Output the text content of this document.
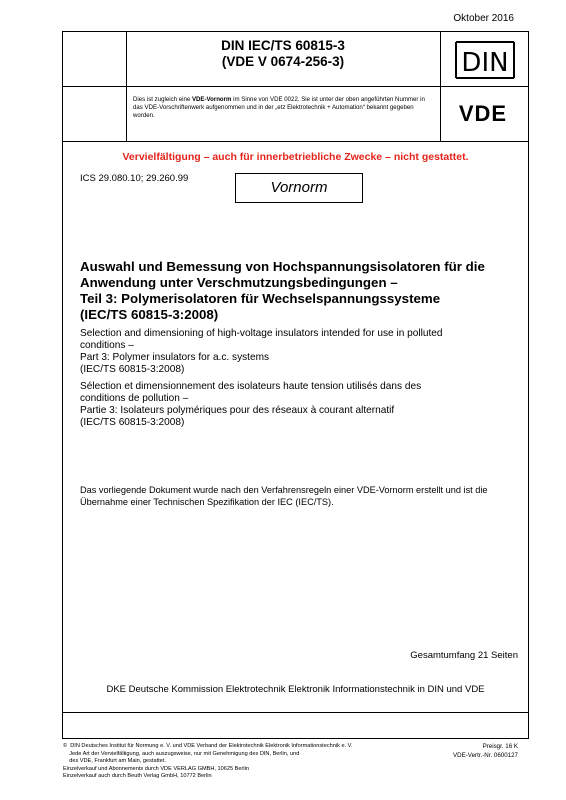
Oktober 2016
DIN IEC/TS 60815-3
(VDE V 0674-256-3)	DIN
Dies ist zugleich eine VDE-Vornorm im Sinne von VDE 0022. Sie ist unter der oben angeführten Nummer in das VDE-Vorschriftenwerk aufgenommen und in der „etz Elektrotechnik + Automation“ bekannt gegeben worden.	VDE
Vervielfältigung – auch für innerbetriebliche Zwecke – nicht gestattet.
ICS 29.080.10; 29.260.99
Vornorm
Auswahl und Bemessung von Hochspannungsisolatoren für die
Anwendung unter Verschmutzungsbedingungen –
Teil 3: Polymerisolatoren für Wechselspannungssysteme
(IEC/TS 60815-3:2008)
Selection and dimensioning of high-voltage insulators intended for use in polluted
conditions –
Part 3: Polymer insulators for a.c. systems
(IEC/TS 60815-3:2008)
Sélection et dimensionnement des isolateurs haute tension utilisés dans des
conditions de pollution –
Partie 3: Isolateurs polymériques pour des réseaux à courant alternatif
(IEC/TS 60815-3:2008)
Das vorliegende Dokument wurde nach den Verfahrensregeln einer VDE-Vornorm erstellt und ist die
Übernahme einer Technischen Spezifikation der IEC (IEC/TS).
Gesamtumfang 21 Seiten
DKE Deutsche Kommission Elektrotechnik Elektronik Informationstechnik in DIN und VDE
©  DIN Deutsches Institut für Normung e. V. und VDE Verband der Elektrotechnik Elektronik Informationstechnik e. V.
Jede Art der Vervielfältigung, auch auszugsweise, nur mit Genehmigung des DIN, Berlin, und
des VDE, Frankfurt am Main, gestattet.
Einzelverkauf und Abonnements durch VDE VERLAG GMBH, 10625 Berlin
Einzelverkauf auch durch Beuth Verlag GmbH, 10772 Berlin
Preisgr. 16 K
VDE-Vertr.-Nr. 0600127
